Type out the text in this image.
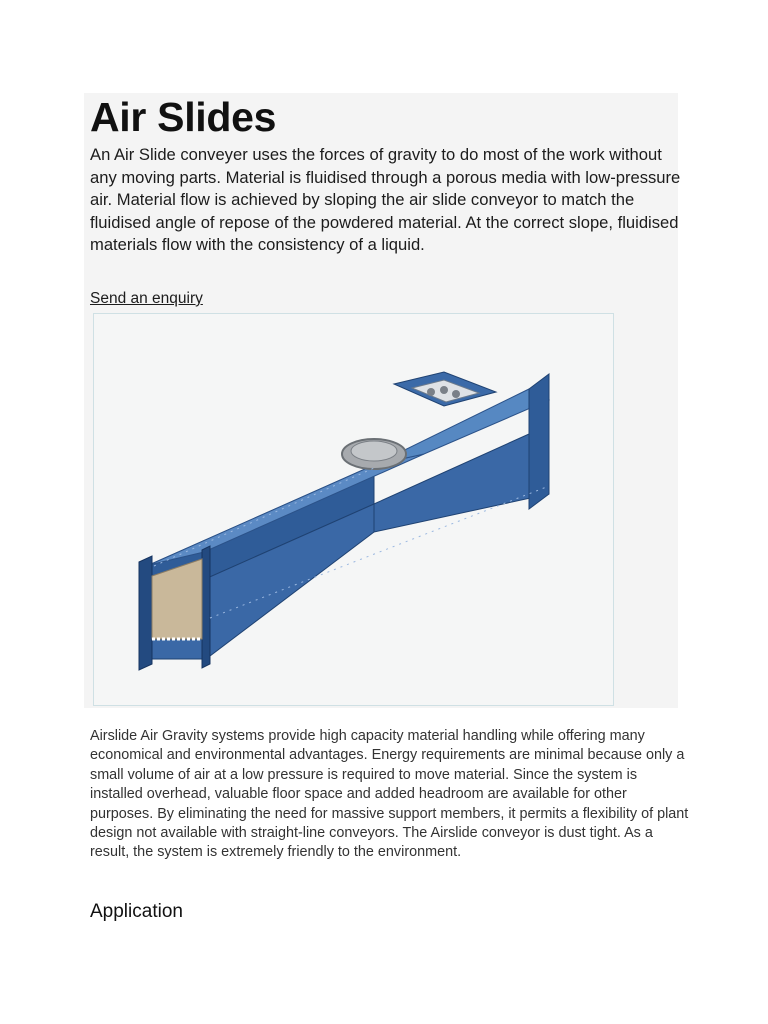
Air Slides

An Air Slide conveyer uses the forces of gravity to do most of the work without any moving parts. Material is fluidised through a porous media with low-pressure air. Material flow is achieved by sloping the air slide conveyor to match the fluidised angle of repose of the powdered material. At the correct slope, fluidised materials flow with the consistency of a liquid.

Send an enquiry

Airslide Air Gravity systems provide high capacity material handling while offering many economical and environmental advantages. Energy requirements are minimal because only a small volume of air at a low pressure is required to move material. Since the system is installed overhead, valuable floor space and added headroom are available for other purposes. By eliminating the need for massive support members, it permits a flexibility of plant design not available with straight-line conveyors. The Airslide conveyor is dust tight. As a result, the system is extremely friendly to the environment.

Application
